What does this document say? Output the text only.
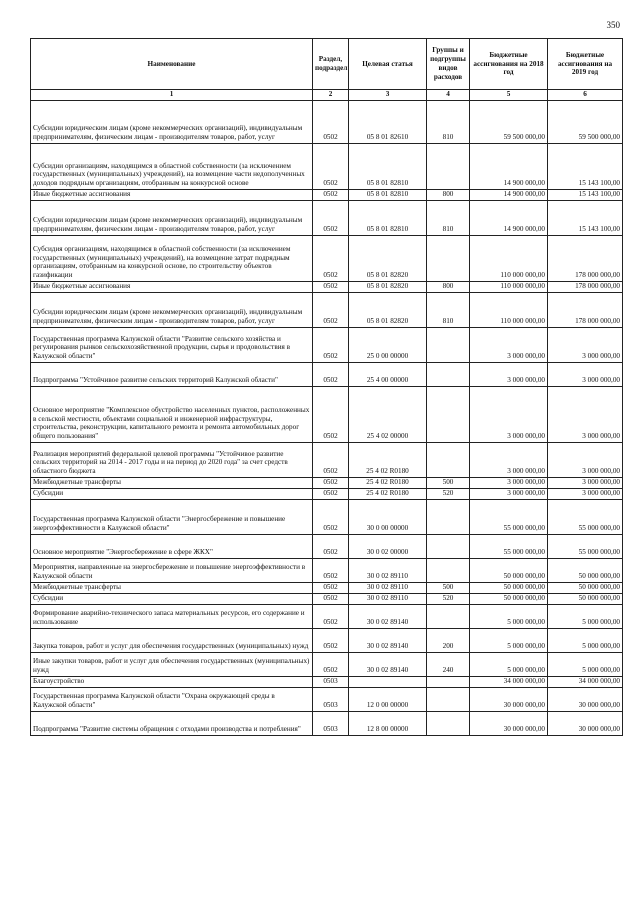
350
Наименование	Раздел, подраздел	Целевая статья	Группы и подгруппы видов расходов	Бюджетные ассигнования на 2018 год	Бюджетные ассигнования на 2019 год
1	2	3	4	5	6
Субсидии юридическим лицам (кроме некоммерческих организаций), индивидуальным предпринимателям, физическим лицам - производителям товаров, работ, услуг	0502	05 8 01 82610	810	59 500 000,00	59 500 000,00
Субсидии организациям, находящимся в областной собственности (за исключением государственных (муниципальных) учреждений), на возмещение части недополученных доходов подрядным организациям, отобранным на конкурсной основе	0502	05 8 01 82810		14 900 000,00	15 143 100,00
Иные бюджетные ассигнования	0502	05 8 01 82810	800	14 900 000,00	15 143 100,00
Субсидии юридическим лицам (кроме некоммерческих организаций), индивидуальным предпринимателям, физическим лицам - производителям товаров, работ, услуг	0502	05 8 01 82810	810	14 900 000,00	15 143 100,00
Субсидия организациям, находящимся в областной собственности (за исключением государственных (муниципальных) учреждений), на возмещение затрат подрядным организациям, отобранным на конкурсной основе, по строительству объектов газификации	0502	05 8 01 82820		110 000 000,00	178 000 000,00
Иные бюджетные ассигнования	0502	05 8 01 82820	800	110 000 000,00	178 000 000,00
Субсидии юридическим лицам (кроме некоммерческих организаций), индивидуальным предпринимателям, физическим лицам - производителям товаров, работ, услуг	0502	05 8 01 82820	810	110 000 000,00	178 000 000,00
Государственная программа Калужской области "Развитие сельского хозяйства и регулирования рынков сельскохозяйственной продукции, сырья и продовольствия в Калужской области"	0502	25 0 00 00000		3 000 000,00	3 000 000,00
Подпрограмма "Устойчивое развитие сельских территорий Калужской области"	0502	25 4 00 00000		3 000 000,00	3 000 000,00
Основное мероприятие "Комплексное обустройство населенных пунктов, расположенных в сельской местности, объектами социальной и инженерной инфраструктуры, строительства, реконструкции, капитального ремонта и ремонта автомобильных дорог общего пользования"	0502	25 4 02 00000		3 000 000,00	3 000 000,00
Реализация мероприятий федеральной целевой программы "Устойчивое развитие сельских территорий на 2014 - 2017 годы и на период до 2020 года" за счет средств областного бюджета	0502	25 4 02 R0180		3 000 000,00	3 000 000,00
Межбюджетные трансферты	0502	25 4 02 R0180	500	3 000 000,00	3 000 000,00
Субсидии	0502	25 4 02 R0180	520	3 000 000,00	3 000 000,00
Государственная программа Калужской области "Энергосбережение и повышение энергоэффективности в Калужской области"	0502	30 0 00 00000		55 000 000,00	55 000 000,00
Основное мероприятие "Энергосбережение в сфере ЖКХ"	0502	30 0 02 00000		55 000 000,00	55 000 000,00
Мероприятия, направленные на энергосбережение и повышение энергоэффективности в Калужской области	0502	30 0 02 89110		50 000 000,00	50 000 000,00
Межбюджетные трансферты	0502	30 0 02 89110	500	50 000 000,00	50 000 000,00
Субсидии	0502	30 0 02 89110	520	50 000 000,00	50 000 000,00
Формирование аварийно-технического запаса материальных ресурсов, его содержание и использование	0502	30 0 02 89140		5 000 000,00	5 000 000,00
Закупка товаров, работ и услуг для обеспечения государственных (муниципальных) нужд	0502	30 0 02 89140	200	5 000 000,00	5 000 000,00
Иные закупки товаров, работ и услуг для обеспечения государственных (муниципальных) нужд	0502	30 0 02 89140	240	5 000 000,00	5 000 000,00
Благоустройство	0503			34 000 000,00	34 000 000,00
Государственная программа Калужской области "Охрана окружающей среды в Калужской области"	0503	12 0 00 00000		30 000 000,00	30 000 000,00
Подпрограмма "Развитие системы обращения с отходами производства и потребления"	0503	12 8 00 00000		30 000 000,00	30 000 000,00
